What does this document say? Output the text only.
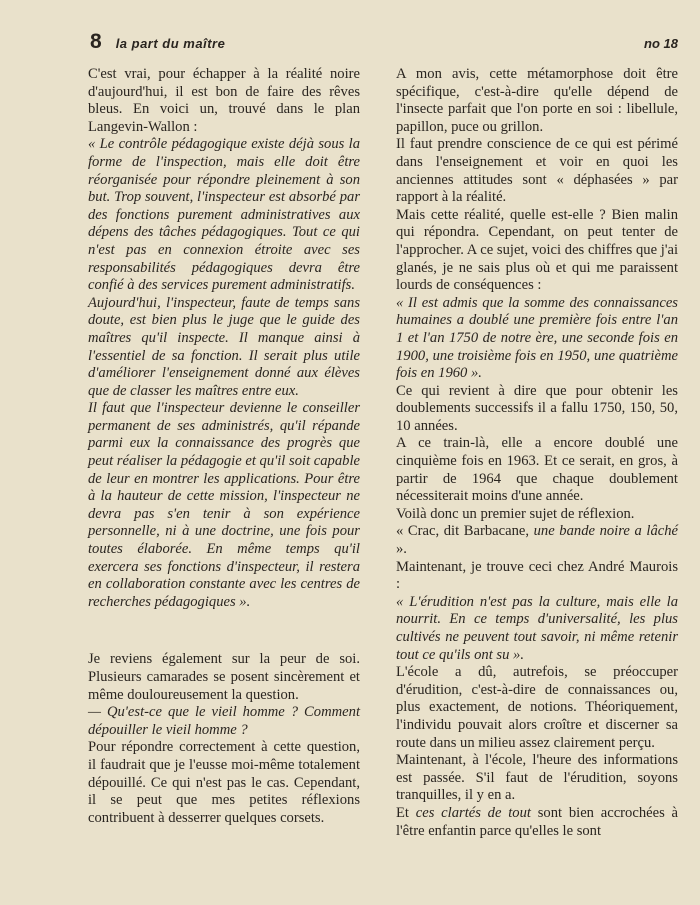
8 la part du maître	no 18

C'est vrai, pour échapper à la réalité noire d'aujourd'hui, il est bon de faire des rêves bleus. En voici un, trouvé dans le plan Langevin-Wallon :

« Le contrôle pédagogique existe déjà sous la forme de l'inspection, mais elle doit être réorganisée pour répondre pleinement à son but. Trop souvent, l'inspecteur est absorbé par des fonctions purement administratives aux dépens des tâches pédagogiques. Tout ce qui n'est pas en connexion étroite avec ses responsabilités pédagogiques devra être confié à des services purement administratifs.

Aujourd'hui, l'inspecteur, faute de temps sans doute, est bien plus le juge que le guide des maîtres qu'il inspecte. Il manque ainsi à l'essentiel de sa fonction. Il serait plus utile d'améliorer l'enseignement donné aux élèves que de classer les maîtres entre eux.

Il faut que l'inspecteur devienne le conseiller permanent de ses administrés, qu'il répande parmi eux la connaissance des progrès que peut réaliser la pédagogie et qu'il soit capable de leur en montrer les applications. Pour être à la hauteur de cette mission, l'inspecteur ne devra pas s'en tenir à son expérience personnelle, ni à une doctrine, une fois pour toutes élaborée. En même temps qu'il exercera ses fonctions d'inspecteur, il restera en collaboration constante avec les centres de recherches pédagogiques ».

Je reviens également sur la peur de soi. Plusieurs camarades se posent sincèrement et même douloureusement la question.

— Qu'est-ce que le vieil homme ? Comment dépouiller le vieil homme ?

Pour répondre correctement à cette question, il faudrait que je l'eusse moi-même totalement dépouillé. Ce qui n'est pas le cas. Cependant, il se peut que mes petites réflexions contribuent à desserrer quelques corsets.

A mon avis, cette métamorphose doit être spécifique, c'est-à-dire qu'elle dépend de l'insecte parfait que l'on porte en soi : libellule, papillon, puce ou grillon.

Il faut prendre conscience de ce qui est périmé dans l'enseignement et voir en quoi les anciennes attitudes sont « déphasées » par rapport à la réalité.

Mais cette réalité, quelle est-elle ? Bien malin qui répondra. Cependant, on peut tenter de l'approcher. A ce sujet, voici des chiffres que j'ai glanés, je ne sais plus où et qui me paraissent lourds de conséquences :

« Il est admis que la somme des connaissances humaines a doublé une première fois entre l'an 1 et l'an 1750 de notre ère, une seconde fois en 1900, une troisième fois en 1950, une quatrième fois en 1960 ».

Ce qui revient à dire que pour obtenir les doublements successifs il a fallu 1750, 150, 50, 10 années.

A ce train-là, elle a encore doublé une cinquième fois en 1963. Et ce serait, en gros, à partir de 1964 que chaque doublement nécessiterait moins d'une année.

Voilà donc un premier sujet de réflexion.

« Crac, dit Barbacane, une bande noire a lâché ».

Maintenant, je trouve ceci chez André Maurois :

« L'érudition n'est pas la culture, mais elle la nourrit. En ce temps d'universalité, les plus cultivés ne peuvent tout savoir, ni même retenir tout ce qu'ils ont su ».

L'école a dû, autrefois, se préoccuper d'érudition, c'est-à-dire de connaissances ou, plus exactement, de notions. Théoriquement, l'individu pouvait alors croître et discerner sa route dans un milieu assez clairement perçu.

Maintenant, à l'école, l'heure des informations est passée. S'il faut de l'érudition, soyons tranquilles, il y en a.

Et ces clartés de tout sont bien accrochées à l'être enfantin parce qu'elles le sont
